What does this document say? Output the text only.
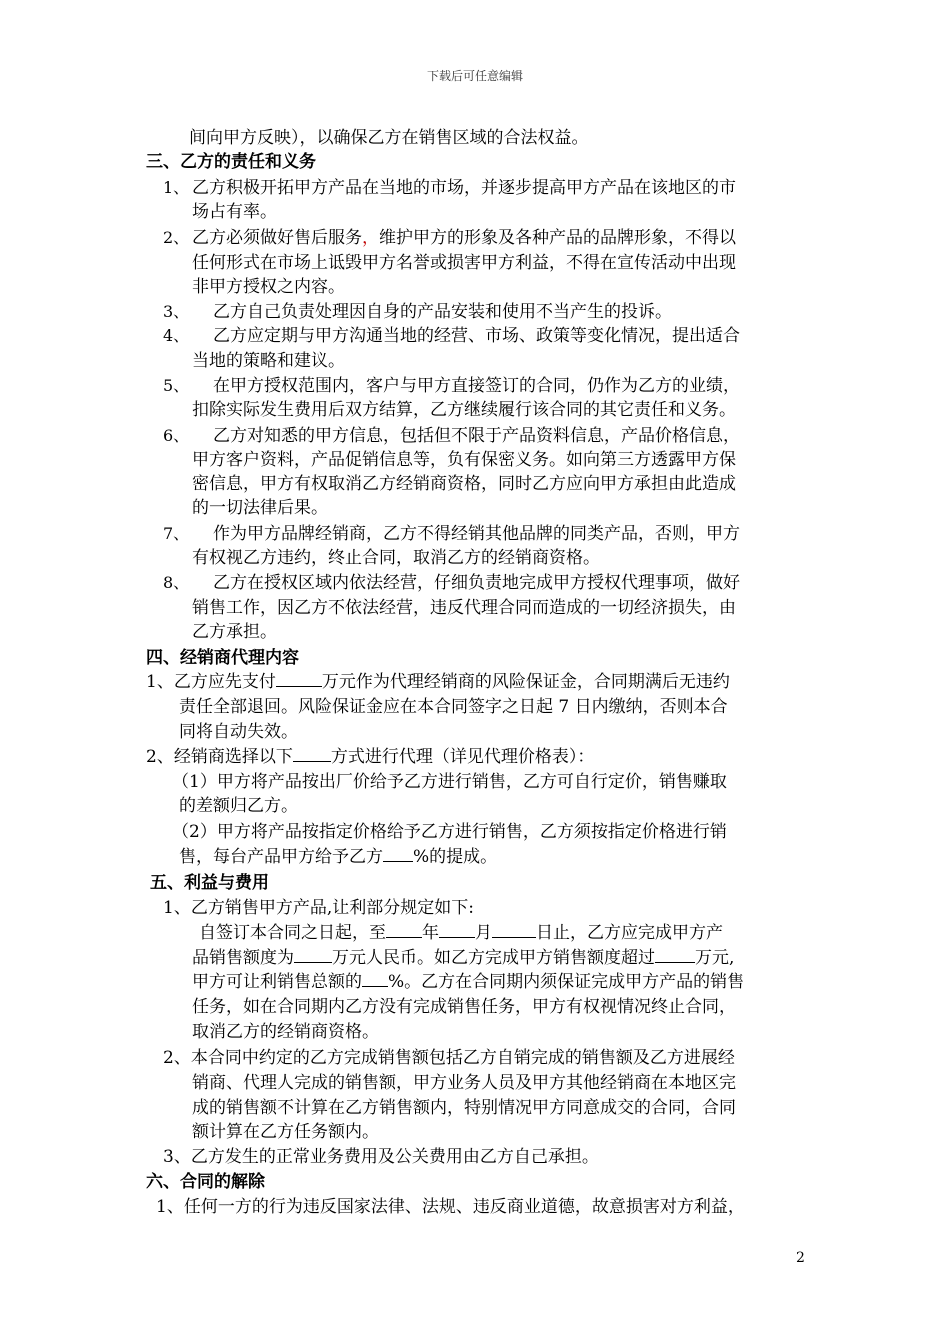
下载后可任意编辑
间向甲方反映），以确保乙方在销售区域的合法权益。
三、乙方的责任和义务
1、 乙方积极开拓甲方产品在当地的市场，并逐步提高甲方产品在该地区的市
场占有率。
2、 乙方必须做好售后服务，维护甲方的形象及各种产品的品牌形象，不得以
任何形式在市场上诋毁甲方名誉或损害甲方利益，不得在宣传活动中出现
非甲方授权之内容。
3、 乙方自己负责处理因自身的产品安装和使用不当产生的投诉。
4、 乙方应定期与甲方沟通当地的经营、市场、政策等变化情况，提出适合
当地的策略和建议。
5、 在甲方授权范围内，客户与甲方直接签订的合同，仍作为乙方的业绩，
扣除实际发生费用后双方结算，乙方继续履行该合同的其它责任和义务。
6、 乙方对知悉的甲方信息，包括但不限于产品资料信息，产品价格信息，
甲方客户资料，产品促销信息等，负有保密义务。如向第三方透露甲方保
密信息，甲方有权取消乙方经销商资格，同时乙方应向甲方承担由此造成
的一切法律后果。
7、 作为甲方品牌经销商，乙方不得经销其他品牌的同类产品，否则，甲方
有权视乙方违约，终止合同，取消乙方的经销商资格。
8、 乙方在授权区域内依法经营，仔细负责地完成甲方授权代理事项，做好
销售工作，因乙方不依法经营，违反代理合同而造成的一切经济损失，由
乙方承担。
四、经销商代理内容
1、乙方应先支付	万元作为代理经销商的风险保证金，合同期满后无违约
责任全部退回。风险保证金应在本合同签字之日起 7 日内缴纳，否则本合
同将自动失效。
2、经销商选择以下 方式进行代理（详见代理价格表）：
（1）甲方将产品按出厂价给予乙方进行销售，乙方可自行定价，销售赚取
的差额归乙方。
（2）甲方将产品按指定价格给予乙方进行销售，乙方须按指定价格进行销
售，每台产品甲方给予乙方 %的提成。
五、利益与费用
1、乙方销售甲方产品,让利部分规定如下:
自签订本合同之日起，至 年 月	日止，乙方应完成甲方产
品销售额度为 万元人民币。如乙方完成甲方销售额度超过 万元,
甲方可让利销售总额的 %。乙方在合同期内须保证完成甲方产品的销售
任务，如在合同期内乙方没有完成销售任务，甲方有权视情况终止合同，
取消乙方的经销商资格。
2、本合同中约定的乙方完成销售额包括乙方自销完成的销售额及乙方进展经
销商、代理人完成的销售额，甲方业务人员及甲方其他经销商在本地区完
成的销售额不计算在乙方销售额内，特别情况甲方同意成交的合同，合同
额计算在乙方任务额内。
3、乙方发生的正常业务费用及公关费用由乙方自己承担。
六、合同的解除
1、任何一方的行为违反国家法律、法规、违反商业道德，故意损害对方利益，
2
